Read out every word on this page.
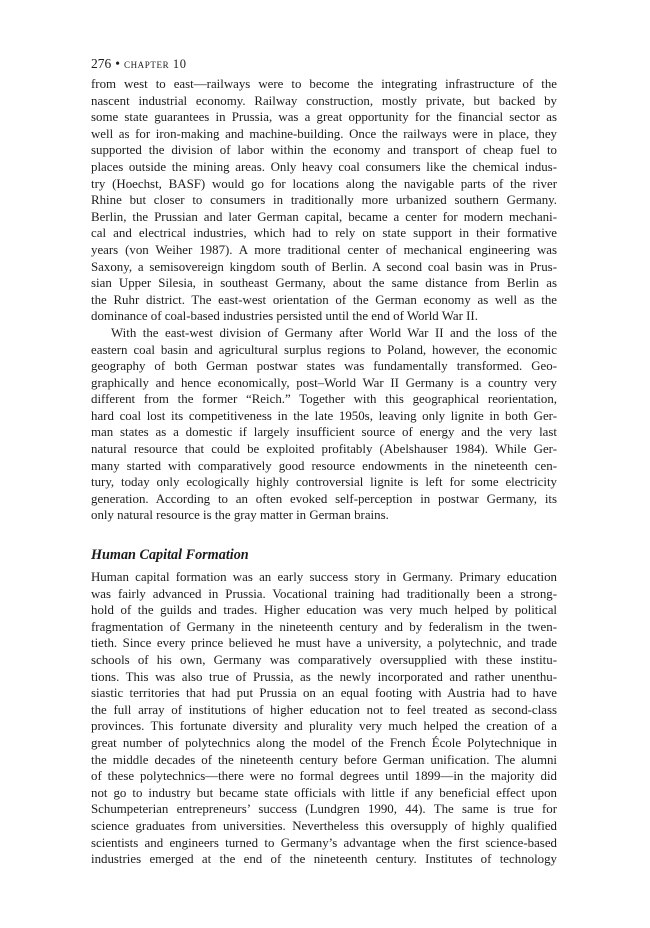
276 • chapter 10
from west to east—railways were to become the integrating infrastructure of the
nascent industrial economy. Railway construction, mostly private, but backed by
some state guarantees in Prussia, was a great opportunity for the financial sector as
well as for iron-making and machine-building. Once the railways were in place, they
supported the division of labor within the economy and transport of cheap fuel to
places outside the mining areas. Only heavy coal consumers like the chemical indus-
try (Hoechst, BASF) would go for locations along the navigable parts of the river
Rhine but closer to consumers in traditionally more urbanized southern Germany.
Berlin, the Prussian and later German capital, became a center for modern mechani-
cal and electrical industries, which had to rely on state support in their formative
years (von Weiher 1987). A more traditional center of mechanical engineering was
Saxony, a semisovereign kingdom south of Berlin. A second coal basin was in Prus-
sian Upper Silesia, in southeast Germany, about the same distance from Berlin as
the Ruhr district. The east-west orientation of the German economy as well as the
dominance of coal-based industries persisted until the end of World War II.
With the east-west division of Germany after World War II and the loss of the
eastern coal basin and agricultural surplus regions to Poland, however, the economic
geography of both German postwar states was fundamentally transformed. Geo-
graphically and hence economically, post–World War II Germany is a country very
different from the former “Reich.” Together with this geographical reorientation,
hard coal lost its competitiveness in the late 1950s, leaving only lignite in both Ger-
man states as a domestic if largely insufficient source of energy and the very last
natural resource that could be exploited profitably (Abelshauser 1984). While Ger-
many started with comparatively good resource endowments in the nineteenth cen-
tury, today only ecologically highly controversial lignite is left for some electricity
generation. According to an often evoked self-perception in postwar Germany, its
only natural resource is the gray matter in German brains.
Human Capital Formation
Human capital formation was an early success story in Germany. Primary education
was fairly advanced in Prussia. Vocational training had traditionally been a strong-
hold of the guilds and trades. Higher education was very much helped by political
fragmentation of Germany in the nineteenth century and by federalism in the twen-
tieth. Since every prince believed he must have a university, a polytechnic, and trade
schools of his own, Germany was comparatively oversupplied with these institu-
tions. This was also true of Prussia, as the newly incorporated and rather unenthu-
siastic territories that had put Prussia on an equal footing with Austria had to have
the full array of institutions of higher education not to feel treated as second-class
provinces. This fortunate diversity and plurality very much helped the creation of a
great number of polytechnics along the model of the French École Polytechnique in
the middle decades of the nineteenth century before German unification. The alumni
of these polytechnics—there were no formal degrees until 1899—in the majority did
not go to industry but became state officials with little if any beneficial effect upon
Schumpeterian entrepreneurs’ success (Lundgren 1990, 44). The same is true for
science graduates from universities. Nevertheless this oversupply of highly qualified
scientists and engineers turned to Germany’s advantage when the first science-based
industries emerged at the end of the nineteenth century. Institutes of technology
